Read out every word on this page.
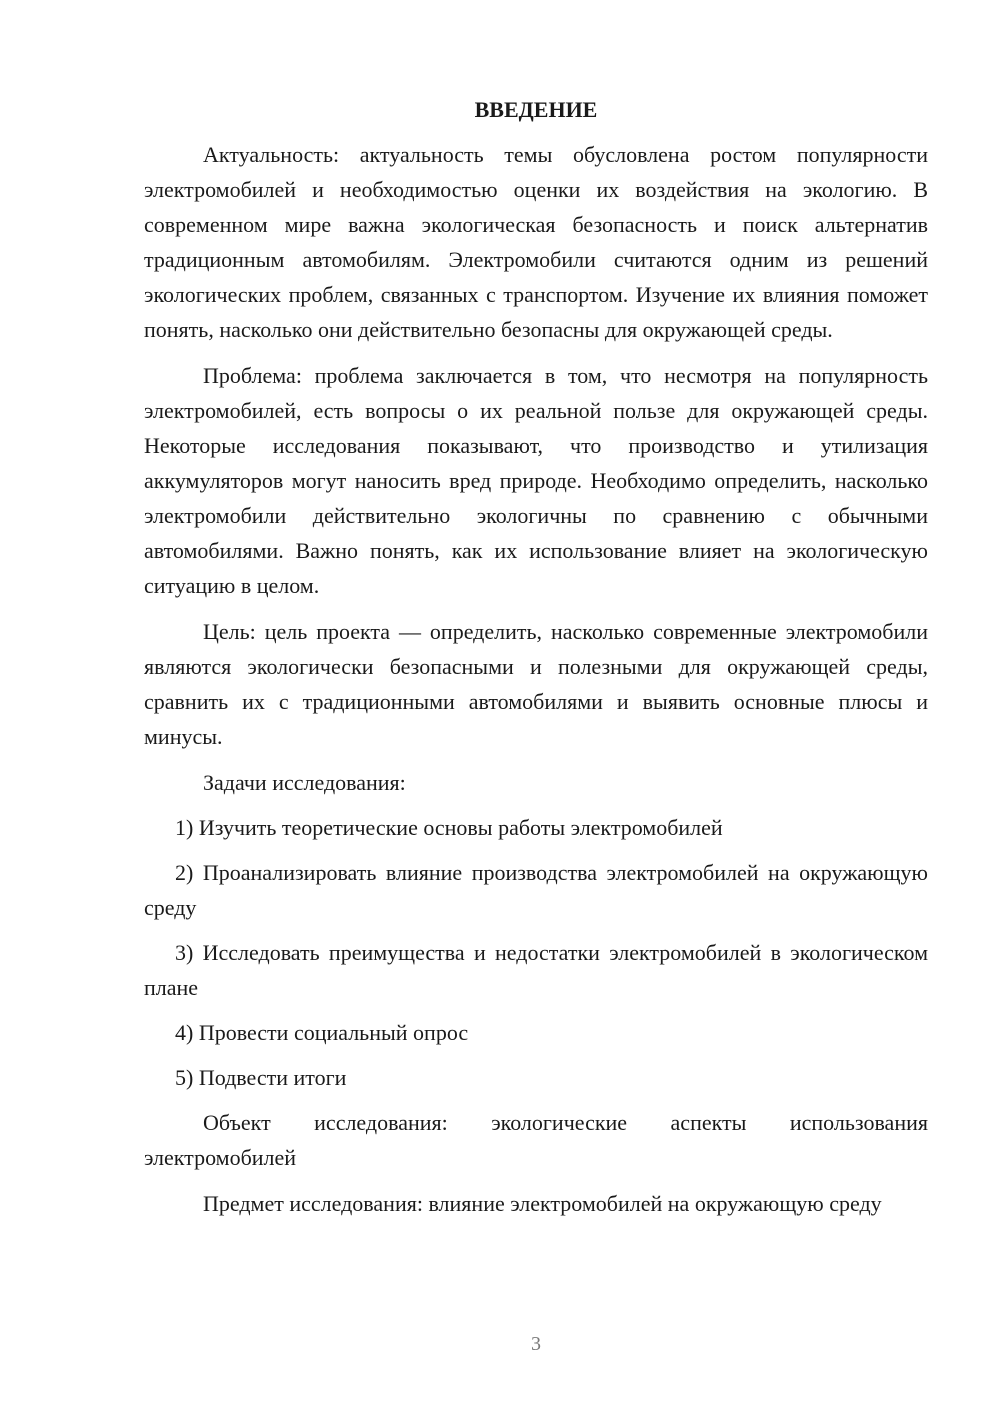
ВВЕДЕНИЕ

Актуальность: актуальность темы обусловлена ростом популярности электромобилей и необходимостью оценки их воздействия на экологию. В современном мире важна экологическая безопасность и поиск альтернатив традиционным автомобилям. Электромобили считаются одним из решений экологических проблем, связанных с транспортом. Изучение их влияния поможет понять, насколько они действительно безопасны для окружающей среды.

Проблема: проблема заключается в том, что несмотря на популярность электромобилей, есть вопросы о их реальной пользе для окружающей среды. Некоторые исследования показывают, что производство и утилизация аккумуляторов могут наносить вред природе. Необходимо определить, насколько электромобили действительно экологичны по сравнению с обычными автомобилями. Важно понять, как их использование влияет на экологическую ситуацию в целом.

Цель: цель проекта — определить, насколько современные электромобили являются экологически безопасными и полезными для окружающей среды, сравнить их с традиционными автомобилями и выявить основные плюсы и минусы.

Задачи исследования:

1) Изучить теоретические основы работы электромобилей
2) Проанализировать влияние производства электромобилей на окружающую среду
3) Исследовать преимущества и недостатки электромобилей в экологическом плане
4) Провести социальный опрос
5) Подвести итоги

Объект исследования: экологические аспекты использования электромобилей

Предмет исследования: влияние электромобилей на окружающую среду

3
